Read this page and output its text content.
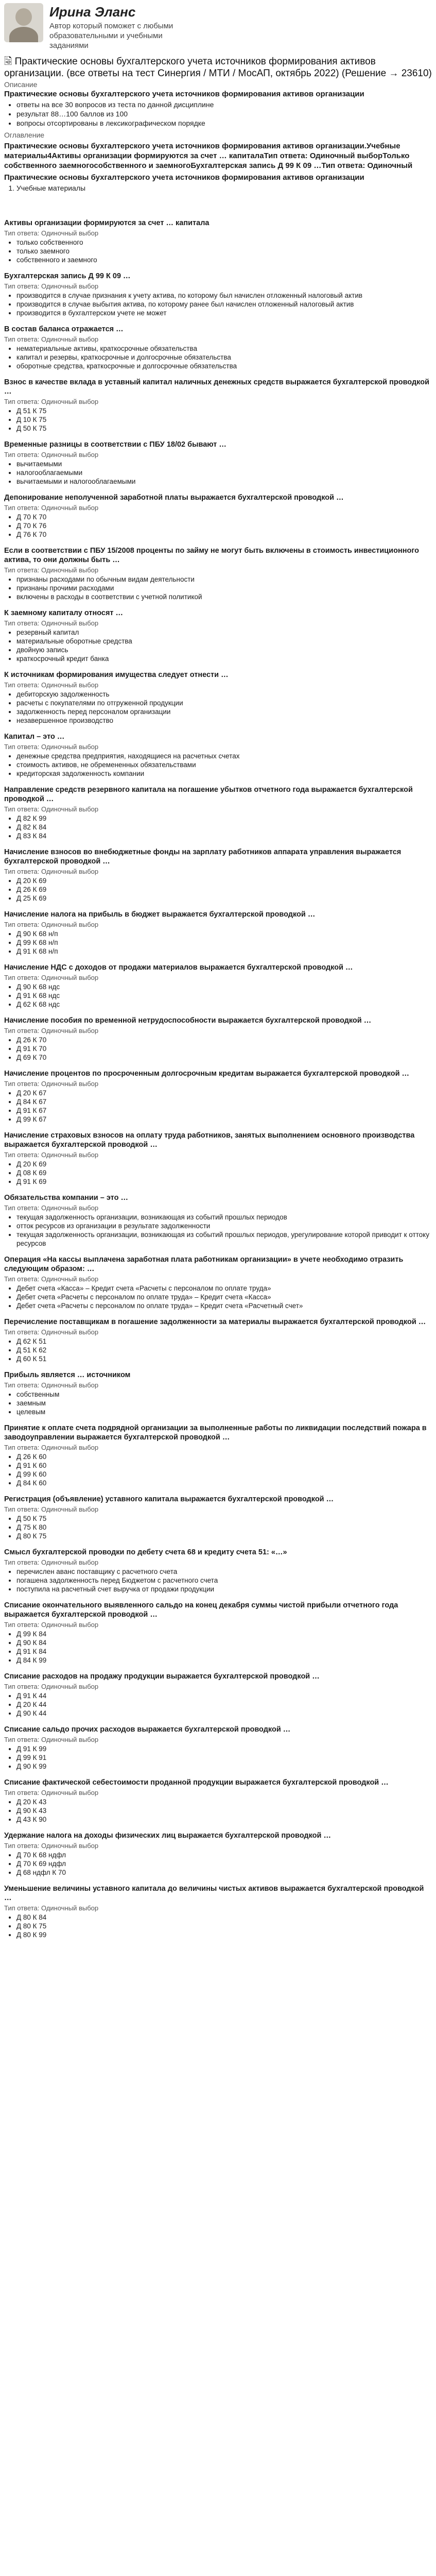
Ирина Эланс
Автор который поможет с любыми образовательными и учебными заданиями
🗟 Практические основы бухгалтерского учета источников формирования активов организации. (все ответы на тест Синергия / МТИ / МосАП, октябрь 2022) (Решение → 23610)
Описание
Практические основы бухгалтерского учета источников формирования активов организации
• ответы на все 30 вопросов из теста по данной дисциплине
• результат 88…100 баллов из 100
• вопросы отсортированы в лексикографическом порядке
Оглавление
Практические основы бухгалтерского учета источников формирования активов организации.Учебные материалы4Активы организации формируются за счет … капиталаТип ответа: Одиночный выборТолько собственного заемногособственного и заемногоБухгалтерская запись Д 99 К 09 …Тип ответа: Одиночный
Практические основы бухгалтерского учета источников формирования активов организации
1. Учебные материалы
Активы организации формируются за счет … капитала
Тип ответа: Одиночный выбор
• только собственного
• только заемного
• собственного и заемного
Бухгалтерская запись Д 99 К 09 …
Тип ответа: Одиночный выбор
• производится в случае признания к учету актива, по которому был начислен отложенный налоговый актив
• производится в случае выбытия актива, по которому ранее был начислен отложенный налоговый актив
• производится в бухгалтерском учете не может
В состав баланса отражается …
Тип ответа: Одиночный выбор
• нематериальные активы, краткосрочные обязательства
• капитал и резервы, краткосрочные и долгосрочные обязательства
• оборотные средства, краткосрочные и долгосрочные обязательства
Взнос в качестве вклада в уставный капитал наличных денежных средств выражается бухгалтерской проводкой …
Тип ответа: Одиночный выбор
• Д 51 К 75
• Д 10 К 75
• Д 50 К 75
Временные разницы в соответствии с ПБУ 18/02 бывают …
Тип ответа: Одиночный выбор
• вычитаемыми
• налогооблагаемыми
• вычитаемыми и налогооблагаемыми
Депонирование неполученной заработной платы выражается бухгалтерской проводкой …
Тип ответа: Одиночный выбор
• Д 70 К 70
• Д 70 К 76
• Д 76 К 70
Если в соответствии с ПБУ 15/2008 проценты по займу не могут быть включены в стоимость инвестиционного актива, то они должны быть …
Тип ответа: Одиночный выбор
• признаны расходами по обычным видам деятельности
• признаны прочими расходами
• включены в расходы в соответствии с учетной политикой
К заемному капиталу относят …
Тип ответа: Одиночный выбор
• резервный капитал
• материальные оборотные средства
• двойную запись
• краткосрочный кредит банка
К источникам формирования имущества следует отнести …
Тип ответа: Одиночный выбор
• дебиторскую задолженность
• расчеты с покупателями по отгруженной продукции
• задолженность перед персоналом организации
• незавершенное производство
Капитал – это …
Тип ответа: Одиночный выбор
• денежные средства предприятия, находящиеся на расчетных счетах
• стоимость активов, не обремененных обязательствами
• кредиторская задолженность компании
Направление средств резервного капитала на погашение убытков отчетного года выражается бухгалтерской проводкой …
Тип ответа: Одиночный выбор
• Д 82 К 99
• Д 82 К 84
• Д 83 К 84
Начисление взносов во внебюджетные фонды на зарплату работников аппарата управления выражается бухгалтерской проводкой …
Тип ответа: Одиночный выбор
• Д 20 К 69
• Д 26 К 69
• Д 25 К 69
Начисление налога на прибыль в бюджет выражается бухгалтерской проводкой …
Тип ответа: Одиночный выбор
• Д 90 К 68 н/п
• Д 99 К 68 н/п
• Д 91 К 68 н/п
Начисление НДС с доходов от продажи материалов выражается бухгалтерской проводкой …
Тип ответа: Одиночный выбор
• Д 90 К 68 ндс
• Д 91 К 68 ндс
• Д 62 К 68 ндс
Начисление пособия по временной нетрудоспособности выражается бухгалтерской проводкой …
Тип ответа: Одиночный выбор
• Д 26 К 70
• Д 91 К 70
• Д 69 К 70
Начисление процентов по просроченным долгосрочным кредитам выражается бухгалтерской проводкой …
Тип ответа: Одиночный выбор
• Д 20 К 67
• Д 84 К 67
• Д 91 К 67
• Д 99 К 67
Начисление страховых взносов на оплату труда работников, занятых выполнением основного производства выражается бухгалтерской проводкой …
Тип ответа: Одиночный выбор
• Д 20 К 69
• Д 08 К 69
• Д 91 К 69
Обязательства компании – это …
Тип ответа: Одиночный выбор
• текущая задолженность организации, возникающая из событий прошлых периодов
• отток ресурсов из организации в результате задолженности
• текущая задолженность организации, возникающая из событий прошлых периодов, урегулирование которой приводит к оттоку ресурсов
Операция «На кассы выплачена заработная плата работникам организации» в учете необходимо отразить следующим образом: …
Тип ответа: Одиночный выбор
• Дебет счета «Касса» – Кредит счета «Расчеты с персоналом по оплате труда»
• Дебет счета «Расчеты с персоналом по оплате труда» – Кредит счета «Касса»
• Дебет счета «Расчеты с персоналом по оплате труда» – Кредит счета «Расчетный счет»
Перечисление поставщикам в погашение задолженности за материалы выражается бухгалтерской проводкой …
Тип ответа: Одиночный выбор
• Д 62 К 51
• Д 51 К 62
• Д 60 К 51
Прибыль является … источником
Тип ответа: Одиночный выбор
• собственным
• заемным
• целевым
Принятие к оплате счета подрядной организации за выполненные работы по ликвидации последствий пожара в заводоуправлении выражается бухгалтерской проводкой …
Тип ответа: Одиночный выбор
• Д 26 К 60
• Д 91 К 60
• Д 99 К 60
• Д 84 К 60
Регистрация (объявление) уставного капитала выражается бухгалтерской проводкой …
Тип ответа: Одиночный выбор
• Д 50 К 75
• Д 75 К 80
• Д 80 К 75
Смысл бухгалтерской проводки по дебету счета 68 и кредиту счета 51: «…»
Тип ответа: Одиночный выбор
• перечислен аванс поставщику с расчетного счета
• погашена задолженность перед Бюджетом с расчетного счета
• поступила на расчетный счет выручка от продажи продукции
Списание окончательного выявленного сальдо на конец декабря суммы чистой прибыли отчетного года выражается бухгалтерской проводкой …
Тип ответа: Одиночный выбор
• Д 99 К 84
• Д 90 К 84
• Д 91 К 84
• Д 84 К 99
Списание расходов на продажу продукции выражается бухгалтерской проводкой …
Тип ответа: Одиночный выбор
• Д 91 К 44
• Д 20 К 44
• Д 90 К 44
Списание сальдо прочих расходов выражается бухгалтерской проводкой …
Тип ответа: Одиночный выбор
• Д 91 К 99
• Д 99 К 91
• Д 90 К 99
Списание фактической себестоимости проданной продукции выражается бухгалтерской проводкой …
Тип ответа: Одиночный выбор
• Д 20 К 43
• Д 90 К 43
• Д 43 К 90
Удержание налога на доходы физических лиц выражается бухгалтерской проводкой …
Тип ответа: Одиночный выбор
• Д 70 К 68 ндфл
• Д 70 К 69 ндфл
• Д 68 ндфл К 70
Уменьшение величины уставного капитала до величины чистых активов выражается бухгалтерской проводкой …
Тип ответа: Одиночный выбор
• Д 80 К 84
• Д 80 К 75
• Д 80 К 99
